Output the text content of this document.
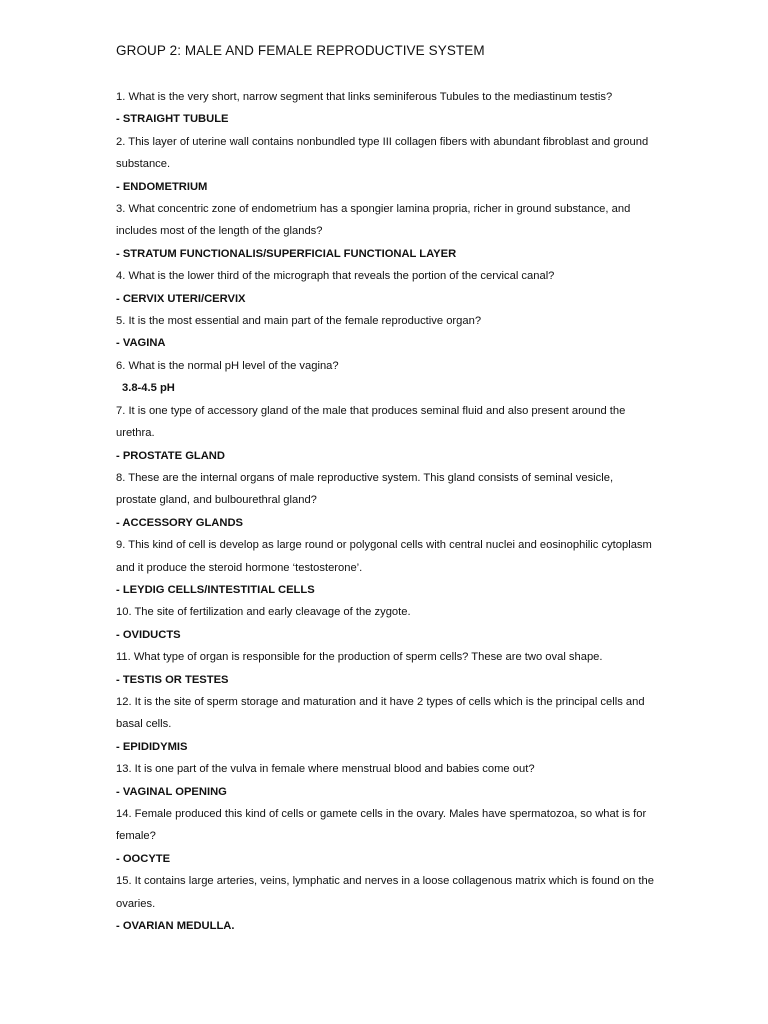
GROUP 2: MALE AND FEMALE REPRODUCTIVE SYSTEM

1. What is the very short, narrow segment that links seminiferous Tubules to the mediastinum testis?

- STRAIGHT TUBULE

2. This layer of uterine wall contains nonbundled type III collagen fibers with abundant fibroblast and ground substance.

- ENDOMETRIUM

3. What concentric zone of endometrium has a spongier lamina propria, richer in ground substance, and includes most of the length of the glands?

- STRATUM FUNCTIONALIS/SUPERFICIAL FUNCTIONAL LAYER

4. What is the lower third of the micrograph that reveals the portion of the cervical canal?

- CERVIX UTERI/CERVIX

5. It is the most essential and main part of the female reproductive organ?

- VAGINA

6. What is the normal pH level of the vagina?

3.8-4.5 pH

7. It is one type of accessory gland of the male that produces seminal fluid and also present around the urethra.

- PROSTATE GLAND

8. These are the internal organs of male reproductive system. This gland consists of seminal vesicle, prostate gland, and bulbourethral gland?

- ACCESSORY GLANDS

9. This kind of cell is develop as large round or polygonal cells with central nuclei and eosinophilic cytoplasm and it produce the steroid hormone ‘testosterone’.

- LEYDIG CELLS/INTESTITIAL CELLS

10. The site of fertilization and early cleavage of the zygote.

- OVIDUCTS

11. What type of organ is responsible for the production of sperm cells? These are two oval shape.

- TESTIS OR TESTES

12. It is the site of sperm storage and maturation and it have 2 types of cells which is the principal cells and basal cells.

- EPIDIDYMIS

13. It is one part of the vulva in female where menstrual blood and babies come out?

- VAGINAL OPENING

14. Female produced this kind of cells or gamete cells in the ovary. Males have spermatozoa, so what is for female?

- OOCYTE

15. It contains large arteries, veins, lymphatic and nerves in a loose collagenous matrix which is found on the ovaries.

- OVARIAN MEDULLA.
